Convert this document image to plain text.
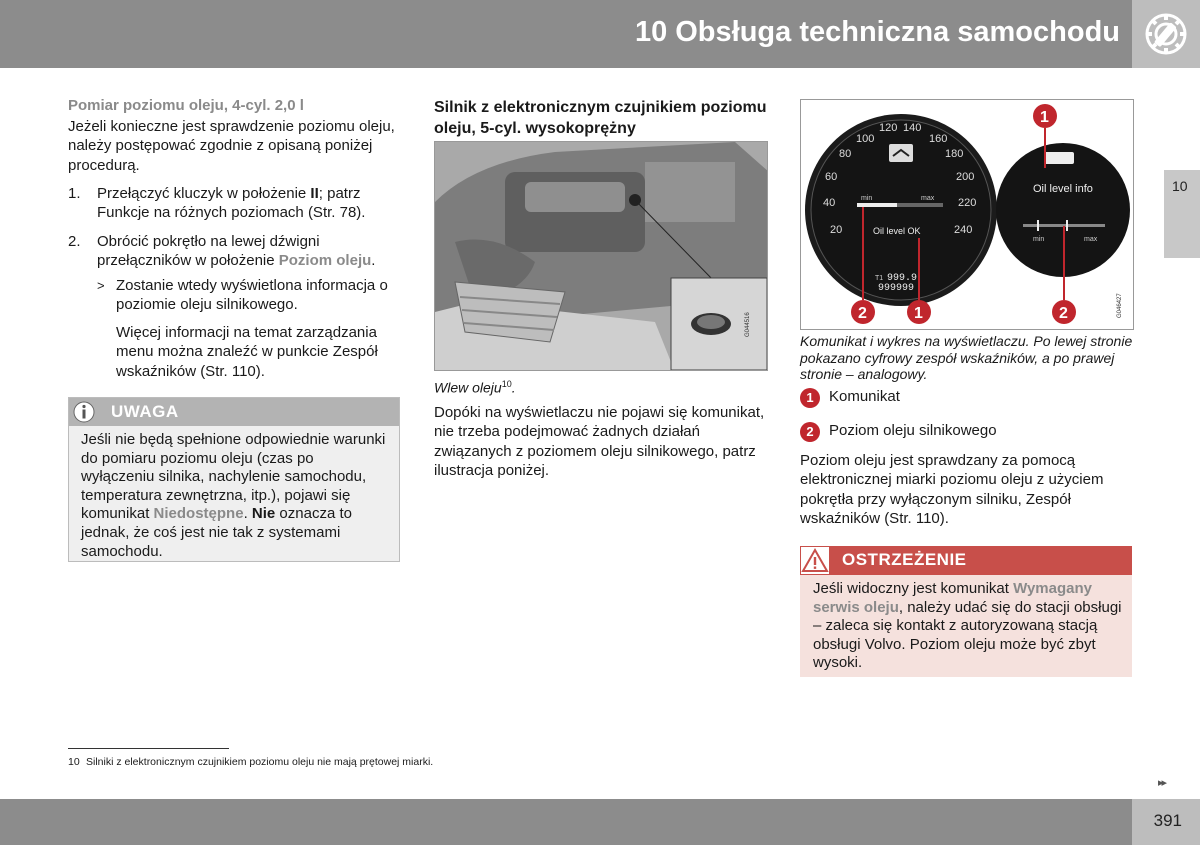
10 Obsługa techniczna samochodu
10
Pomiar poziomu oleju, 4-cyl. 2,0 l
Jeżeli konieczne jest sprawdzenie poziomu oleju, należy postępować zgodnie z opisaną poniżej procedurą.
1. Przełączyć kluczyk w położenie II; patrz Funkcje na różnych poziomach (Str. 78).
2. Obrócić pokrętło na lewej dźwigni przełączników w położenie Poziom oleju.
> Zostanie wtedy wyświetlona informacja o poziomie oleju silnikowego.
Więcej informacji na temat zarządzania menu można znaleźć w punkcie Zespół wskaźników (Str. 110).
UWAGA
Jeśli nie będą spełnione odpowiednie warunki do pomiaru poziomu oleju (czas po wyłączeniu silnika, nachylenie samochodu, temperatura zewnętrzna, itp.), pojawi się komunikat Niedostępne. Nie oznacza to jednak, że coś jest nie tak z systemami samochodu.
Silnik z elektronicznym czujnikiem poziomu oleju, 5-cyl. wysokoprężny
G044516
Wlew oleju$^{10}$.
Dopóki na wyświetlaczu nie pojawi się komunikat, nie trzeba podejmować żadnych działań związanych z poziomem oleju silnikowego, patrz ilustracja poniżej.
20
40
60
80
100
120 140
160
180
200
220
240
min	max
Oil level OK
T1 999.9
999999
Oil level info
min	max
1
2	1	2	G046427
Komunikat i wykres na wyświetlaczu. Po lewej stronie pokazano cyfrowy zespół wskaźników, a po prawej stronie – analogowy.
1	Komunikat
2	Poziom oleju silnikowego
Poziom oleju jest sprawdzany za pomocą elektronicznej miarki poziomu oleju z użyciem pokrętła przy wyłączonym silniku, Zespół wskaźników (Str. 110).
OSTRZEŻENIE
Jeśli widoczny jest komunikat Wymagany serwis oleju, należy udać się do stacji obsługi – zaleca się kontakt z autoryzowaną stacją obsługi Volvo. Poziom oleju może być zbyt wysoki.
10 Silniki z elektronicznym czujnikiem poziomu oleju nie mają prętowej miarki.
▸▸
391
